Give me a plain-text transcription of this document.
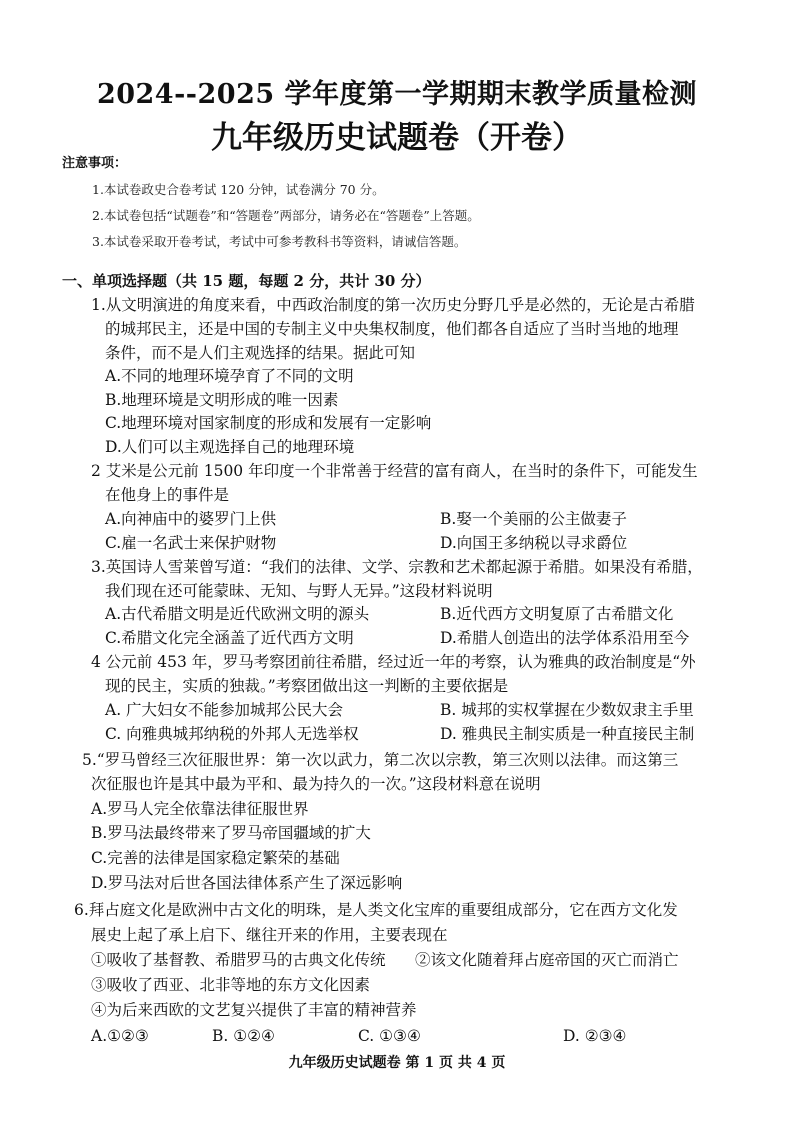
2024--2025 学年度第一学期期末教学质量检测
九年级历史试题卷（开卷）
注意事项：
1.本试卷政史合卷考试 120 分钟，试卷满分 70 分。
2.本试卷包括“试题卷”和“答题卷”两部分，请务必在“答题卷”上答题。
3.本试卷采取开卷考试，考试中可参考教科书等资料，请诚信答题。
一、单项选择题（共 15 题，每题 2 分，共计 30 分）
1.从文明演进的角度来看，中西政治制度的第一次历史分野几乎是必然的，无论是古希腊
的城邦民主，还是中国的专制主义中央集权制度，他们都各自适应了当时当地的地理
条件，而不是人们主观选择的结果。据此可知
A.不同的地理环境孕育了不同的文明
B.地理环境是文明形成的唯一因素
C.地理环境对国家制度的形成和发展有一定影响
D.人们可以主观选择自己的地理环境
2 艾米是公元前 1500 年印度一个非常善于经营的富有商人，在当时的条件下，可能发生
在他身上的事件是
A.向神庙中的婆罗门上供	B.娶一个美丽的公主做妻子
C.雇一名武士来保护财物	D.向国王多纳税以寻求爵位
3.英国诗人雪莱曾写道：“我们的法律、文学、宗教和艺术都起源于希腊。如果没有希腊，
我们现在还可能蒙昧、无知、与野人无异。”这段材料说明
A.古代希腊文明是近代欧洲文明的源头	B.近代西方文明复原了古希腊文化
C.希腊文化完全涵盖了近代西方文明	D.希腊人创造出的法学体系沿用至今
4 公元前 453 年，罗马考察团前往希腊，经过近一年的考察，认为雅典的政治制度是“外
现的民主，实质的独裁。”考察团做出这一判断的主要依据是
A. 广大妇女不能参加城邦公民大会	B. 城邦的实权掌握在少数奴隶主手里
C. 向雅典城邦纳税的外邦人无选举权	D. 雅典民主制实质是一种直接民主制
5.“罗马曾经三次征服世界：第一次以武力，第二次以宗教，第三次则以法律。而这第三
次征服也许是其中最为平和、最为持久的一次。”这段材料意在说明
A.罗马人完全依靠法律征服世界
B.罗马法最终带来了罗马帝国疆域的扩大
C.完善的法律是国家稳定繁荣的基础
D.罗马法对后世各国法律体系产生了深远影响
6.拜占庭文化是欧洲中古文化的明珠，是人类文化宝库的重要组成部分，它在西方文化发
展史上起了承上启下、继往开来的作用，主要表现在
①吸收了基督教、希腊罗马的古典文化传统 ②该文化随着拜占庭帝国的灭亡而消亡
③吸收了西亚、北非等地的东方文化因素
④为后来西欧的文艺复兴提供了丰富的精神营养
A.①②③	B. ①②④	C. ①③④	D. ②③④
九年级历史试题卷 第 1 页 共 4 页
